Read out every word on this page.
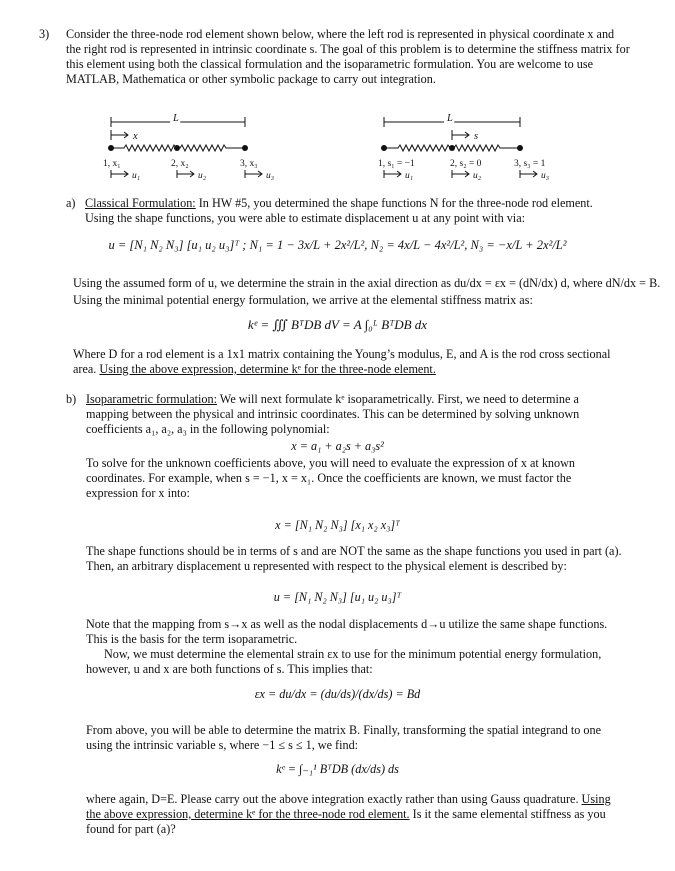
3) Consider the three-node rod element shown below, where the left rod is represented in physical coordinate x and
the right rod is represented in intrinsic coordinate s. The goal of this problem is to determine the stiffness matrix for
this element using both the classical formulation and the isoparametric formulation. You are welcome to use
MATLAB, Mathematica or other symbolic package to carry out integration.
L
x
1, x₁	2, x₂	3, x₃
u₁	u₂	u₃
L
s
1, s₁ = −1	2, s₂ = 0	3, s₃ = 1
u₁	u₂	u₃
a) Classical Formulation: In HW #5, you determined the shape functions N for the three-node rod element.
Using the shape functions, you were able to estimate displacement u at any point with via:
u = [N₁ N₂ N₃] [u₁ u₂ u₃]ᵀ ; N₁ = 1 − 3x/L + 2x²/L², N₂ = 4x/L − 4x²/L², N₃ = −x/L + 2x²/L²
Using the assumed form of u, we determine the strain in the axial direction as du/dx = εx = (dN/dx) d, where dN/dx = B.
Using the minimal potential energy formulation, we arrive at the elemental stiffness matrix as:
kᵉ = ∭ BᵀDB dV = A ∫₀ᴸ BᵀDB dx
Where D for a rod element is a 1x1 matrix containing the Young’s modulus, E, and A is the rod cross sectional
area. Using the above expression, determine kᵉ for the three-node element.
b) Isoparametric formulation: We will next formulate kᵉ isoparametrically. First, we need to determine a
mapping between the physical and intrinsic coordinates. This can be determined by solving unknown
coefficients a₁, a₂, a₃ in the following polynomial:
x = a₁ + a₂s + a₃s²
To solve for the unknown coefficients above, you will need to evaluate the expression of x at known
coordinates. For example, when s = −1, x = x₁. Once the coefficients are known, we must factor the
expression for x into:
x = [N₁ N₂ N₃] [x₁ x₂ x₃]ᵀ
The shape functions should be in terms of s and are NOT the same as the shape functions you used in part (a).
Then, an arbitrary displacement u represented with respect to the physical element is described by:
u = [N₁ N₂ N₃] [u₁ u₂ u₃]ᵀ
Note that the mapping from s→x as well as the nodal displacements d→u utilize the same shape functions.
This is the basis for the term isoparametric.
Now, we must determine the elemental strain εx to use for the minimum potential energy formulation,
however, u and x are both functions of s. This implies that:
εx = du/dx = (du/ds)/(dx/ds) = Bd
From above, you will be able to determine the matrix B. Finally, transforming the spatial integrand to one
using the intrinsic variable s, where −1 ≤ s ≤ 1, we find:
kᵉ = ∫₋₁¹ BᵀDB (dx/ds) ds
where again, D=E. Please carry out the above integration exactly rather than using Gauss quadrature. Using
the above expression, determine kᵉ for the three-node rod element. Is it the same elemental stiffness as you
found for part (a)?
